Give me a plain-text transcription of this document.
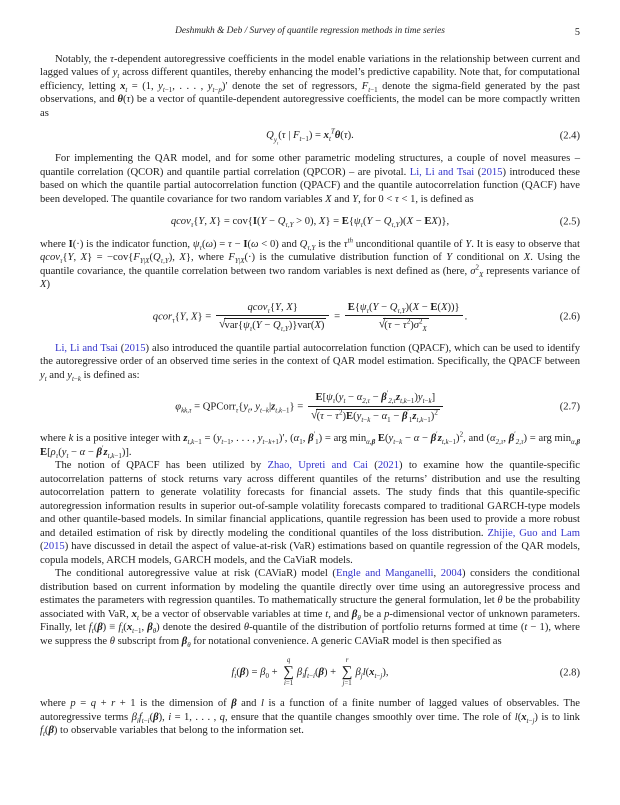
Deshmukh & Deb / Survey of quantile regression methods in time series	5

Notably, the τ-dependent autoregressive coefficients in the model enable variations in the relationship between current and lagged values of $y_t$ across different quantiles, thereby enhancing the model’s predictive capability. Note that, for computational efficiency, letting $x_t = (1$, $y_{t-1}$, . . . , $y_{t-p})'$ denote the set of regressors, $F_{t-1}$ denote the sigma-field generated by the past observations, and θ(τ) be a vector of quantile-dependent autoregressive coefficients, the model can be more compactly written as

$Q_{y_t}(\tau$ | $F_{t-1}) = x_t^T\theta(\tau)$.	(2.4)

For implementing the QAR model, and for some other parametric modeling structures, a couple of novel measures – quantile correlation (QCOR) and quantile partial correlation (QPCOR) – are pivotal. Li, Li and Tsai (2015) introduced these based on which the quantile partial autocorrelation function (QPACF) and the quantile autocorrelation function (QACF) have been developed. The quantile covariance for two random variables X and Y, for 0 < τ < 1, is defined as

qcov$_\tau${Y, $X\} = cov\{I(Y - Q_{\tau,Y} > 0)$, $X\} = E\{\psi_\tau(Y - Q_{\tau,Y})(X - EX)\}$,	(2.5)

where I(·) is the indicator function, $\psi_\tau(\omega) = \tau - I(\omega < 0)$ and $Q_{\tau,Y}$ is the $\tau^{th}$ unconditional quantile of Y. It is easy to observe that qcov$_\tau${Y, $X\} = -cov\{F_{Y|X}(Q_{\tau,Y})$, X}, where $F_{Y|X}(\cdot)$ is the cumulative distribution function of Y conditional on X. Using the quantile covariance, the quantile correlation between two random variables is next defined as (here, $\sigma^2_X$ represents variance of X)

qcor$_\tau${Y, $X\} = \frac{qcov_\tau\{Y, X\}}{√var\{\psi_\tau(Y - Q_{\tau,Y})\}var(X)} = \frac{E\{\psi_\tau(Y - Q_{\tau,Y})(X - E(X))\}}{√(\tau - \tau^2)\sigma^2_X}$ .	(2.6)

Li, Li and Tsai (2015) also introduced the quantile partial autocorrelation function (QPACF), which can be used to identify the autoregressive order of an observed time series in the context of QAR model estimation. Specifically, the QPACF between $y_t$ and $y_{t-k}$ is defined as:

$\varphi_{kk,\tau}$ = $QPCorr_\tau\{y_t$, $y_{t-k}|z_{t,k-1}\} = \frac{E[\psi_\tau(y_t - \alpha_{2,\tau} - \beta'_{2,\tau}z_{t,k-1})y_{t-k}]}{√(\tau - \tau^2)E(y_{t-k} - \alpha_1 - \beta'_1z_{t,k-1})^2}$	(2.7)

where k is a positive integer with $z_{t,k-1} = (y_{t-1}$, . . . , $y_{t-k+1})'$, ($\alpha_1$, $\beta'_1$) = arg $\min_{\alpha,\beta} E(y_{t-k} - \alpha - \beta'z_{t,k-1})^2$, and ($\alpha_{2,\tau}$, $\beta'_{2,\tau}$) = arg $\min_{\alpha,\beta} E[\rho_\tau(y_t - \alpha - \beta'z_{t,k-1})]$.

The notion of QPACF has been utilized by Zhao, Upreti and Cai (2021) to examine how the quantile-specific autocorrelation patterns of stock returns vary across different quantiles of the returns’ distribution and use the resulting autocorrelation pattern to generate volatility forecasts for financial assets. The study finds that this quantile-specific autoregression information results in superior out-of-sample volatility forecasts compared to traditional GARCH-type models and other quantile-based models. In similar financial applications, quantile regression has been used to provide a more robust and detailed estimation of risk by directly modeling the conditional quantiles of the loss distribution. Zhijie, Guo and Lam (2015) have discussed in detail the aspect of value-at-risk (VaR) estimations based on quantile regression of the QAR models, copula models, ARCH models, GARCH models, and the CaViaR models.

The conditional autoregressive value at risk (CAViaR) model (Engle and Manganelli, 2004) considers the conditional distribution based on current information by modeling the quantile directly over time using an autoregressive process and estimates the parameters with regression quantiles. To mathematically structure the general formulation, let θ be the probability associated with VaR, $x_t$ be a vector of observable variables at time t, and $\beta_\theta$ be a p-dimensional vector of unknown parameters. Finally, let $f_t(\beta) \equiv f_t(x_{t-1}$, $\beta_\theta$) denote the desired θ-quantile of the distribution of portfolio returns formed at time (t − 1), where we suppress the θ subscript from $\beta_\theta$ for notational convenience. A generic CAViaR model is then specified as

$f_t(\beta) = \beta_0$ +
q
∑
i=1
$\beta_if_{t-i}(\beta)$ +
r
∑
j=1
$\beta_jl(x_{t-j})$,	(2.8)

where p = q + r + 1 is the dimension of β and l is a function of a finite number of lagged values of observables. The autoregressive terms $\beta_if_{t-i}(\beta)$, i = 1, . . . , q, ensure that the quantile changes smoothly over time. The role of $l(x_{t-j})$ is to link $f_t(\beta)$ to observable variables that belong to the information set.
